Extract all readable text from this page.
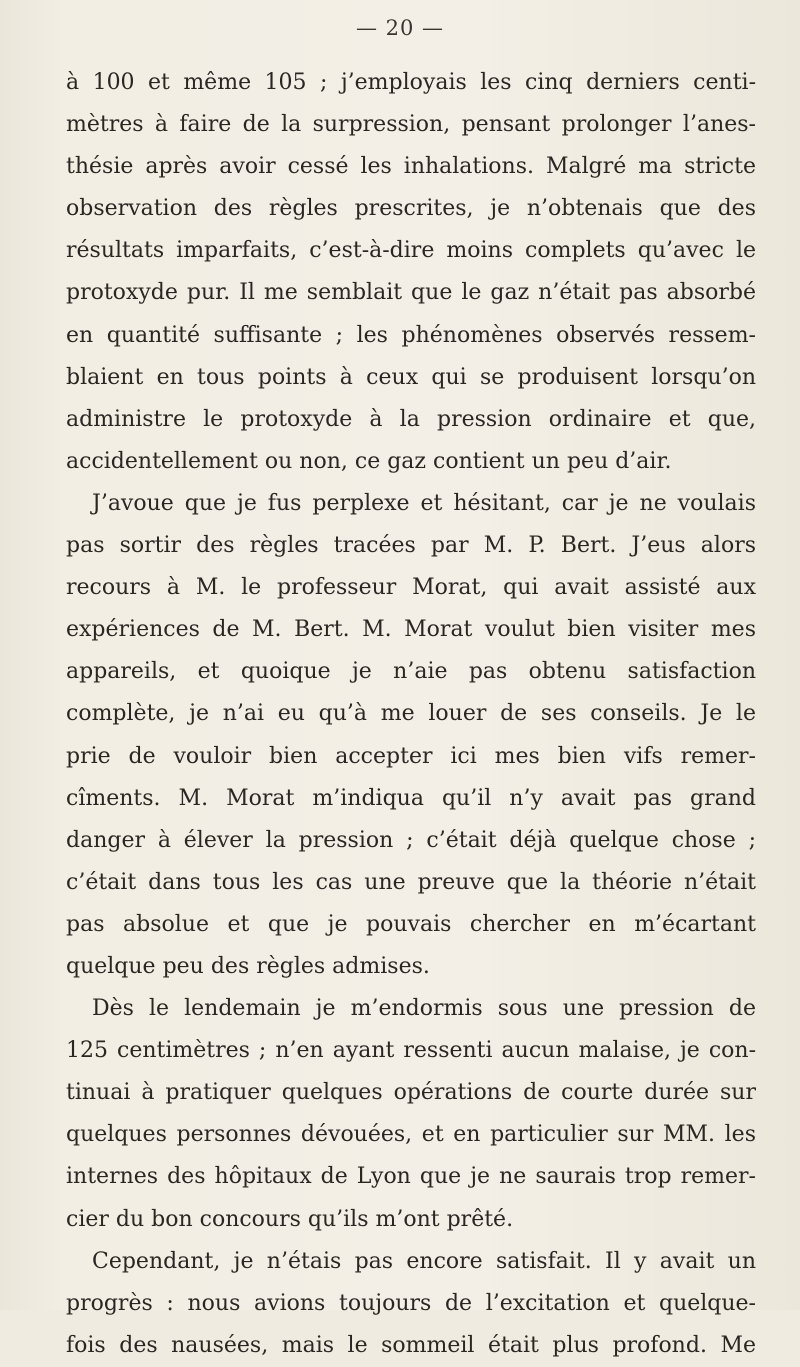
— 20 —
à 100 et même 105 ; j’employais les cinq derniers centi-
mètres à faire de la surpression, pensant prolonger l’anes-
thésie après avoir cessé les inhalations. Malgré ma stricte
observation des règles prescrites, je n’obtenais que des
résultats imparfaits, c’est-à-dire moins complets qu’avec le
protoxyde pur. Il me semblait que le gaz n’était pas absorbé
en quantité suffisante ; les phénomènes observés ressem-
blaient en tous points à ceux qui se produisent lorsqu’on
administre le protoxyde à la pression ordinaire et que,
accidentellement ou non, ce gaz contient un peu d’air.
J’avoue que je fus perplexe et hésitant, car je ne voulais
pas sortir des règles tracées par M. P. Bert. J’eus alors
recours à M. le professeur Morat, qui avait assisté aux
expériences de M. Bert. M. Morat voulut bien visiter mes
appareils, et quoique je n’aie pas obtenu satisfaction
complète, je n’ai eu qu’à me louer de ses conseils. Je le
prie de vouloir bien accepter ici mes bien vifs remer-
cîments. M. Morat m’indiqua qu’il n’y avait pas grand
danger à élever la pression ; c’était déjà quelque chose ;
c’était dans tous les cas une preuve que la théorie n’était
pas absolue et que je pouvais chercher en m’écartant
quelque peu des règles admises.
Dès le lendemain je m’endormis sous une pression de
125 centimètres ; n’en ayant ressenti aucun malaise, je con-
tinuai à pratiquer quelques opérations de courte durée sur
quelques personnes dévouées, et en particulier sur MM. les
internes des hôpitaux de Lyon que je ne saurais trop remer-
cier du bon concours qu’ils m’ont prêté.
Cependant, je n’étais pas encore satisfait. Il y avait un
progrès : nous avions toujours de l’excitation et quelque-
fois des nausées, mais le sommeil était plus profond. Me
